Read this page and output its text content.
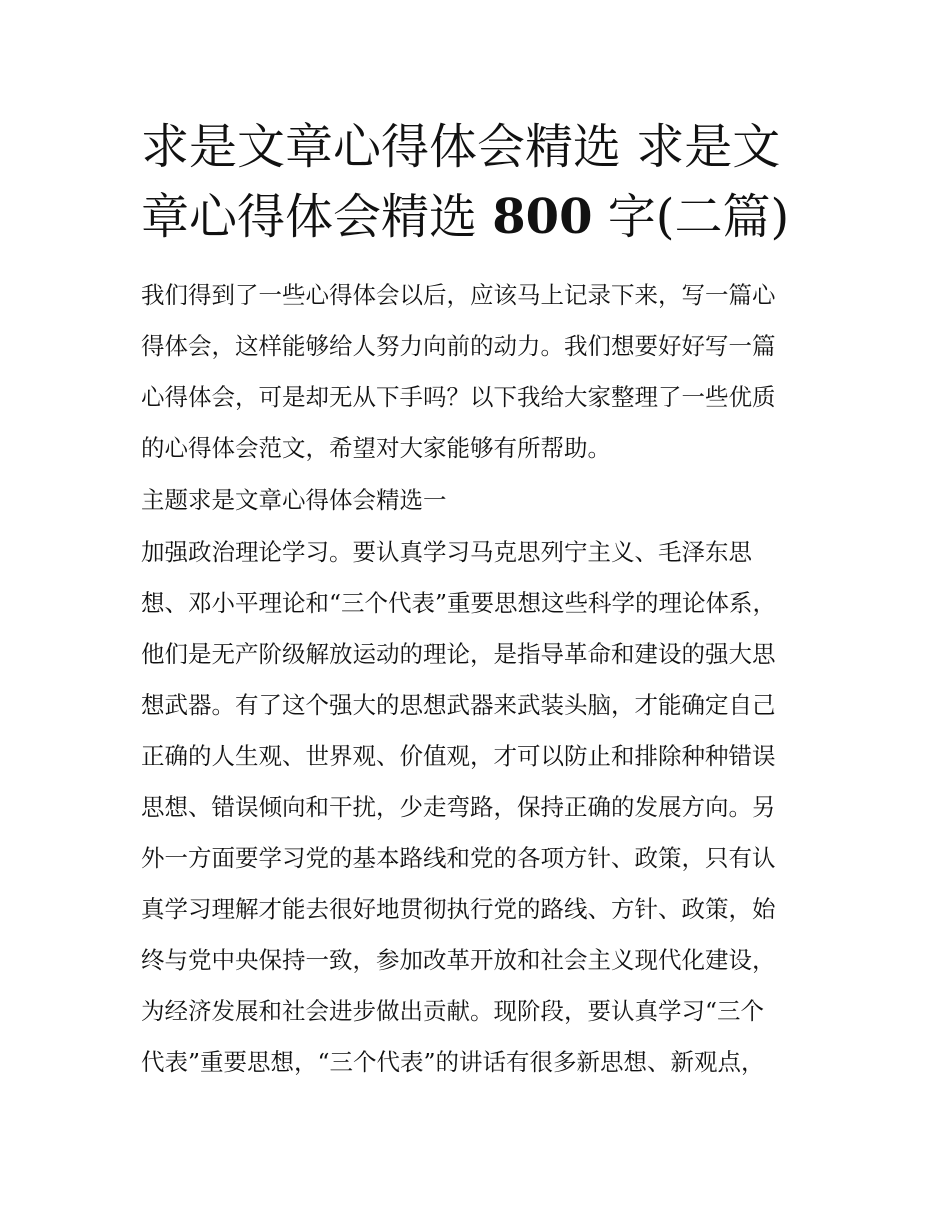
求是文章心得体会精选 求是文
章心得体会精选 800 字(二篇)
我们得到了一些心得体会以后，应该马上记录下来，写一篇心
得体会，这样能够给人努力向前的动力。我们想要好好写一篇
心得体会，可是却无从下手吗？以下我给大家整理了一些优质
的心得体会范文，希望对大家能够有所帮助。
主题求是文章心得体会精选一
加强政治理论学习。要认真学习马克思列宁主义、毛泽东思
想、邓小平理论和“三个代表”重要思想这些科学的理论体系，
他们是无产阶级解放运动的理论，是指导革命和建设的强大思
想武器。有了这个强大的思想武器来武装头脑，才能确定自己
正确的人生观、世界观、价值观，才可以防止和排除种种错误
思想、错误倾向和干扰，少走弯路，保持正确的发展方向。另
外一方面要学习党的基本路线和党的各项方针、政策，只有认
真学习理解才能去很好地贯彻执行党的路线、方针、政策，始
终与党中央保持一致，参加改革开放和社会主义现代化建设，
为经济发展和社会进步做出贡献。现阶段，要认真学习“三个
代表”重要思想，“三个代表”的讲话有很多新思想、新观点，
